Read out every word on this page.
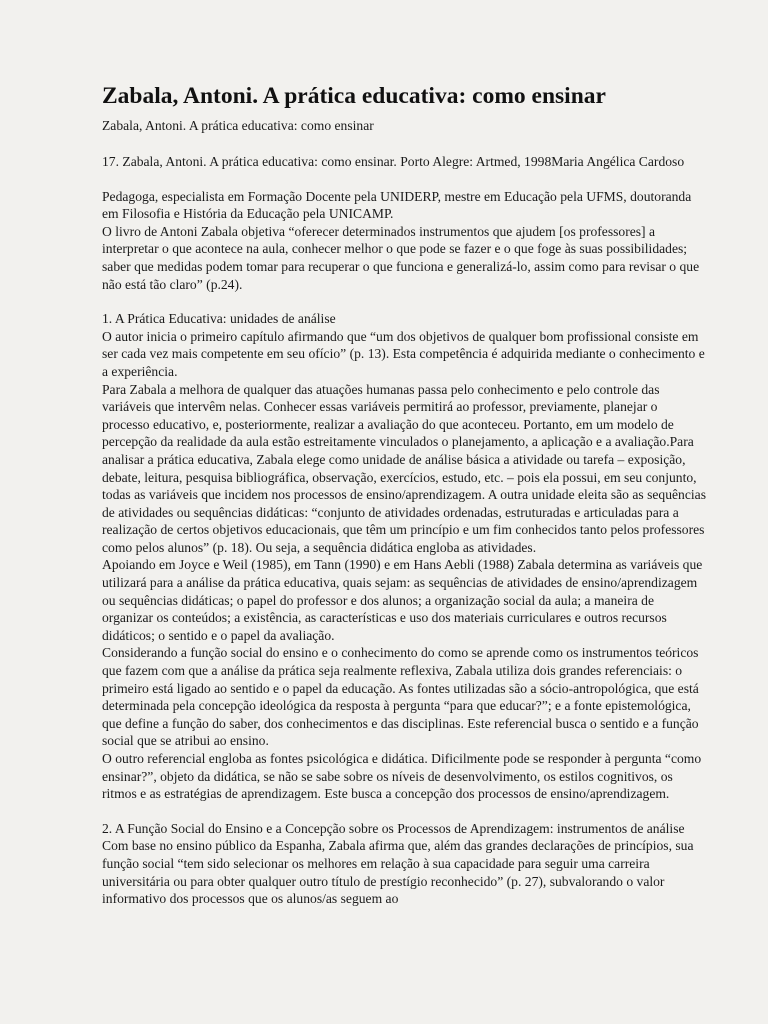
Zabala, Antoni. A prática educativa: como ensinar

Zabala, Antoni. A prática educativa: como ensinar

17. Zabala, Antoni. A prática educativa: como ensinar. Porto Alegre: Artmed, 1998Maria Angélica Cardoso

Pedagoga, especialista em Formação Docente pela UNIDERP, mestre em Educação pela UFMS, doutoranda em Filosofia e História da Educação pela UNICAMP.

O livro de Antoni Zabala objetiva “oferecer determinados instrumentos que ajudem [os professores] a interpretar o que acontece na aula, conhecer melhor o que pode se fazer e o que foge às suas possibilidades; saber que medidas podem tomar para recuperar o que funciona e generalizá-lo, assim como para revisar o que não está tão claro” (p.24).

1. A Prática Educativa: unidades de análise

O autor inicia o primeiro capítulo afirmando que “um dos objetivos de qualquer bom profissional consiste em ser cada vez mais competente em seu ofício” (p. 13). Esta competência é adquirida mediante o conhecimento e a experiência.

Para Zabala a melhora de qualquer das atuações humanas passa pelo conhecimento e pelo controle das variáveis que intervêm nelas. Conhecer essas variáveis permitirá ao professor, previamente, planejar o processo educativo, e, posteriormente, realizar a avaliação do que aconteceu. Portanto, em um modelo de percepção da realidade da aula estão estreitamente vinculados o planejamento, a aplicação e a avaliação.Para analisar a prática educativa, Zabala elege como unidade de análise básica a atividade ou tarefa – exposição, debate, leitura, pesquisa bibliográfica, observação, exercícios, estudo, etc. – pois ela possui, em seu conjunto, todas as variáveis que incidem nos processos de ensino/aprendizagem. A outra unidade eleita são as sequências de atividades ou sequências didáticas: “conjunto de atividades ordenadas, estruturadas e articuladas para a realização de certos objetivos educacionais, que têm um princípio e um fim conhecidos tanto pelos professores como pelos alunos” (p. 18). Ou seja, a sequência didática engloba as atividades.

Apoiando em Joyce e Weil (1985), em Tann (1990) e em Hans Aebli (1988) Zabala determina as variáveis que utilizará para a análise da prática educativa, quais sejam: as sequências de atividades de ensino/aprendizagem ou sequências didáticas; o papel do professor e dos alunos; a organização social da aula; a maneira de organizar os conteúdos; a existência, as características e uso dos materiais curriculares e outros recursos didáticos; o sentido e o papel da avaliação.

Considerando a função social do ensino e o conhecimento do como se aprende como os instrumentos teóricos que fazem com que a análise da prática seja realmente reflexiva, Zabala utiliza dois grandes referenciais: o primeiro está ligado ao sentido e o papel da educação. As fontes utilizadas são a sócio-antropológica, que está determinada pela concepção ideológica da resposta à pergunta “para que educar?”; e a fonte epistemológica, que define a função do saber, dos conhecimentos e das disciplinas. Este referencial busca o sentido e a função social que se atribui ao ensino.

O outro referencial engloba as fontes psicológica e didática. Dificilmente pode se responder à pergunta “como ensinar?”, objeto da didática, se não se sabe sobre os níveis de desenvolvimento, os estilos cognitivos, os ritmos e as estratégias de aprendizagem. Este busca a concepção dos processos de ensino/aprendizagem.

2. A Função Social do Ensino e a Concepção sobre os Processos de Aprendizagem: instrumentos de análise Com base no ensino público da Espanha, Zabala afirma que, além das grandes declarações de princípios, sua função social “tem sido selecionar os melhores em relação à sua capacidade para seguir uma carreira universitária ou para obter qualquer outro título de prestígio reconhecido” (p. 27), subvalorando o valor informativo dos processos que os alunos/as seguem ao
